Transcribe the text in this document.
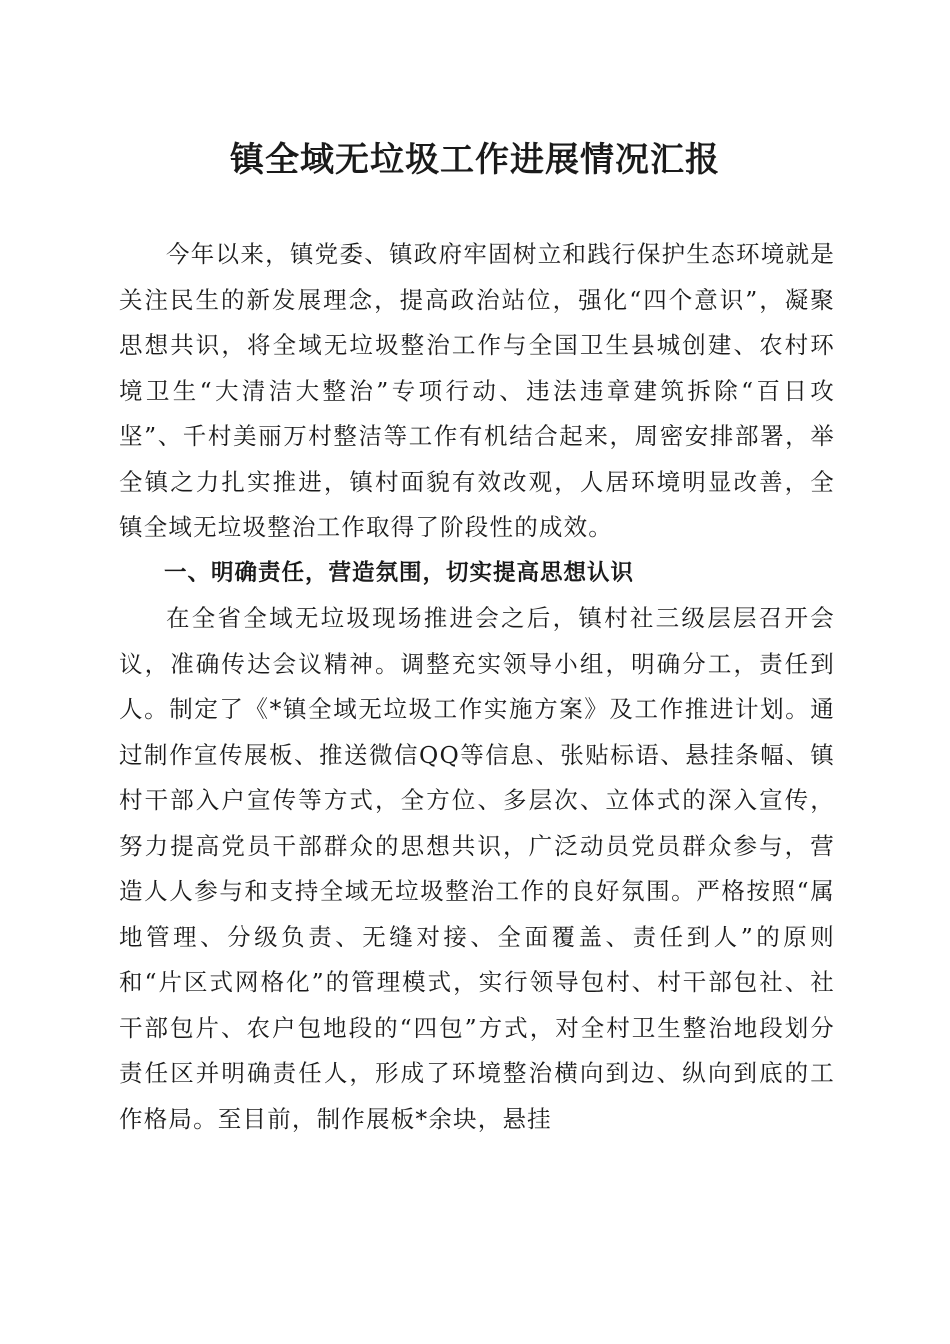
镇全域无垃圾工作进展情况汇报

今年以来，镇党委、镇政府牢固树立和践行保护生态环境就是关注民生的新发展理念，提高政治站位，强化“四个意识”，凝聚思想共识，将全域无垃圾整治工作与全国卫生县城创建、农村环境卫生“大清洁大整治”专项行动、违法违章建筑拆除“百日攻坚”、千村美丽万村整洁等工作有机结合起来，周密安排部署，举全镇之力扎实推进，镇村面貌有效改观，人居环境明显改善，全镇全域无垃圾整治工作取得了阶段性的成效。

一、明确责任，营造氛围，切实提高思想认识

在全省全域无垃圾现场推进会之后，镇村社三级层层召开会议，准确传达会议精神。调整充实领导小组，明确分工，责任到人。制定了《*镇全域无垃圾工作实施方案》及工作推进计划。通过制作宣传展板、推送微信QQ等信息、张贴标语、悬挂条幅、镇村干部入户宣传等方式，全方位、多层次、立体式的深入宣传，努力提高党员干部群众的思想共识，广泛动员党员群众参与，营造人人参与和支持全域无垃圾整治工作的良好氛围。严格按照“属地管理、分级负责、无缝对接、全面覆盖、责任到人”的原则和“片区式网格化”的管理模式，实行领导包村、村干部包社、社干部包片、农户包地段的“四包”方式，对全村卫生整治地段划分责任区并明确责任人，形成了环境整治横向到边、纵向到底的工作格局。至目前，制作展板*余块，悬挂
